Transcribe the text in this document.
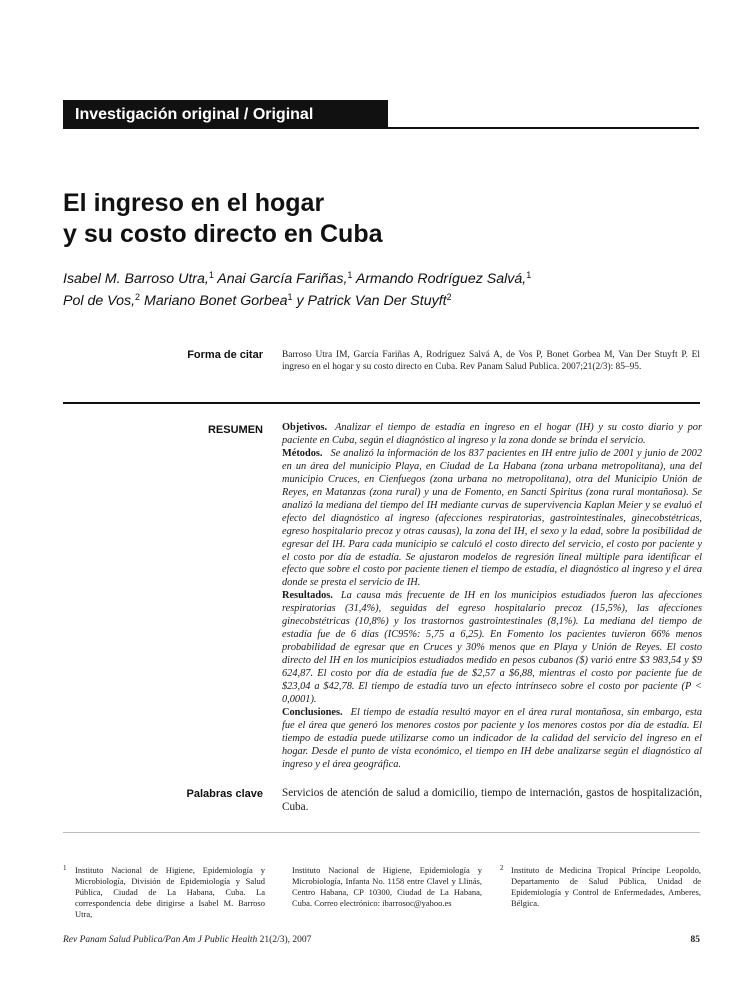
Investigación original / Original research
El ingreso en el hogar
y su costo directo en Cuba
Isabel M. Barroso Utra,$^1$ Anai García Fariñas,$^1$ Armando Rodríguez Salvá,$^1$
Pol de Vos,$^2$ Mariano Bonet Gorbea$^1$ y Patrick Van Der Stuyft$^2$
Forma de citar Barroso Utra IM, García Fariñas A, Rodríguez Salvá A, de Vos P, Bonet Gorbea M, Van Der Stuyft P. El ingreso en el hogar y su costo directo en Cuba. Rev Panam Salud Publica. 2007;21(2/3): 85–95.
RESUMEN Objetivos. Analizar el tiempo de estadía en ingreso en el hogar (IH) y su costo diario y por paciente en Cuba, según el diagnóstico al ingreso y la zona donde se brinda el servicio.

Métodos. Se analizó la información de los 837 pacientes en IH entre julio de 2001 y junio de 2002 en un área del municipio Playa, en Ciudad de La Habana (zona urbana metropolitana), una del municipio Cruces, en Cienfuegos (zona urbana no metropolitana), otra del Municipio Unión de Reyes, en Matanzas (zona rural) y una de Fomento, en Sancti Spiritus (zona rural montañosa). Se analizó la mediana del tiempo del IH mediante curvas de supervivencia Kaplan Meier y se evaluó el efecto del diagnóstico al ingreso (afecciones respiratorias, gastrointestinales, ginecobstétricas, egreso hospitalario precoz y otras causas), la zona del IH, el sexo y la edad, sobre la posibilidad de egresar del IH. Para cada municipio se calculó el costo directo del servicio, el costo por paciente y el costo por día de estadía. Se ajustaron modelos de regresión lineal múltiple para identificar el efecto que sobre el costo por paciente tienen el tiempo de estadía, el diagnóstico al ingreso y el área donde se presta el servicio de IH.

Resultados. La causa más frecuente de IH en los municipios estudiados fueron las afecciones respiratorias (31,4%), seguidas del egreso hospitalario precoz (15,5%), las afecciones ginecobstétricas (10,8%) y los trastornos gastrointestinales (8,1%). La mediana del tiempo de estadía fue de 6 días (IC95%: 5,75 a 6,25). En Fomento los pacientes tuvieron 66% menos probabilidad de egresar que en Cruces y 30% menos que en Playa y Unión de Reyes. El costo directo del IH en los municipios estudiados medido en pesos cubanos ($) varió entre $3 983,54 y $9 624,87. El costo por día de estadía fue de $2,57 a $6,88, mientras el costo por paciente fue de $23,04 a $42,78. El tiempo de estadía tuvo un efecto intrínseco sobre el costo por paciente (P < 0,0001).

Conclusiones. El tiempo de estadía resultó mayor en el área rural montañosa, sin embargo, esta fue el área que generó los menores costos por paciente y los menores costos por día de estadía. El tiempo de estadía puede utilizarse como un indicador de la calidad del servicio del ingreso en el hogar. Desde el punto de vista económico, el tiempo en IH debe analizarse según el diagnóstico al ingreso y el área geográfica.

Palabras clave Servicios de atención de salud a domicilio, tiempo de internación, gastos de hospitalización, Cuba.
1 Instituto Nacional de Higiene, Epidemiología y Microbiología, División de Epidemiología y Salud Pública, Ciudad de La Habana, Cuba. La correspondencia debe dirigirse a Isabel M. Barroso Utra,
Instituto Nacional de Higiene, Epidemiología y Microbiología, Infanta No. 1158 entre Clavel y Llinás, Centro Habana, CP 10300, Ciudad de La Habana, Cuba. Correo electrónico: ibarrosoc@yahoo.es
2 Instituto de Medicina Tropical Príncipe Leopoldo, Departamento de Salud Pública, Unidad de Epidemiología y Control de Enfermedades, Amberes, Bélgica.
Rev Panam Salud Publica/Pan Am J Public Health 21(2/3), 2007	85
